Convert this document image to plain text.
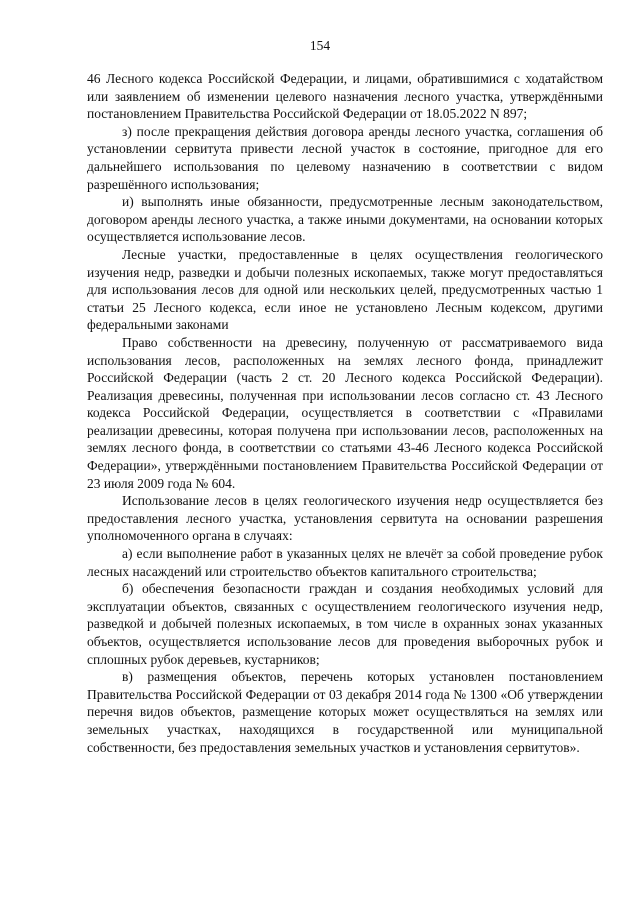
154

46 Лесного кодекса Российской Федерации, и лицами, обратившимися с ходатайством или заявлением об изменении целевого назначения лесного участка, утверждёнными постановлением Правительства Российской Федерации от 18.05.2022 N 897;

з) после прекращения действия договора аренды лесного участка, соглашения об установлении сервитута привести лесной участок в состояние, пригодное для его дальнейшего использования по целевому назначению в соответствии с видом разрешённого использования;

и) выполнять иные обязанности, предусмотренные лесным законодательством, договором аренды лесного участка, а также иными документами, на основании которых осуществляется использование лесов.

Лесные участки, предоставленные в целях осуществления геологического изучения недр, разведки и добычи полезных ископаемых, также могут предоставляться для использования лесов для одной или нескольких целей, предусмотренных частью 1 статьи 25 Лесного кодекса, если иное не установлено Лесным кодексом, другими федеральными законами

Право собственности на древесину, полученную от рассматриваемого вида использования лесов, расположенных на землях лесного фонда, принадлежит Российской Федерации (часть 2 ст. 20 Лесного кодекса Российской Федерации). Реализация древесины, полученная при использовании лесов согласно ст. 43 Лесного кодекса Российской Федерации, осуществляется в соответствии с «Правилами реализации древесины, которая получена при использовании лесов, расположенных на землях лесного фонда, в соответствии со статьями 43-46 Лесного кодекса Российской Федерации», утверждёнными постановлением Правительства Российской Федерации от 23 июля 2009 года № 604.

Использование лесов в целях геологического изучения недр осуществляется без предоставления лесного участка, установления сервитута на основании разрешения уполномоченного органа в случаях:

а) если выполнение работ в указанных целях не влечёт за собой проведение рубок лесных насаждений или строительство объектов капитального строительства;

б) обеспечения безопасности граждан и создания необходимых условий для эксплуатации объектов, связанных с осуществлением геологического изучения недр, разведкой и добычей полезных ископаемых, в том числе в охранных зонах указанных объектов, осуществляется использование лесов для проведения выборочных рубок и сплошных рубок деревьев, кустарников;

в) размещения объектов, перечень которых установлен постановлением Правительства Российской Федерации от 03 декабря 2014 года № 1300 «Об утверждении перечня видов объектов, размещение которых может осуществляться на землях или земельных участках, находящихся в государственной или муниципальной собственности, без предоставления земельных участков и установления сервитутов».
